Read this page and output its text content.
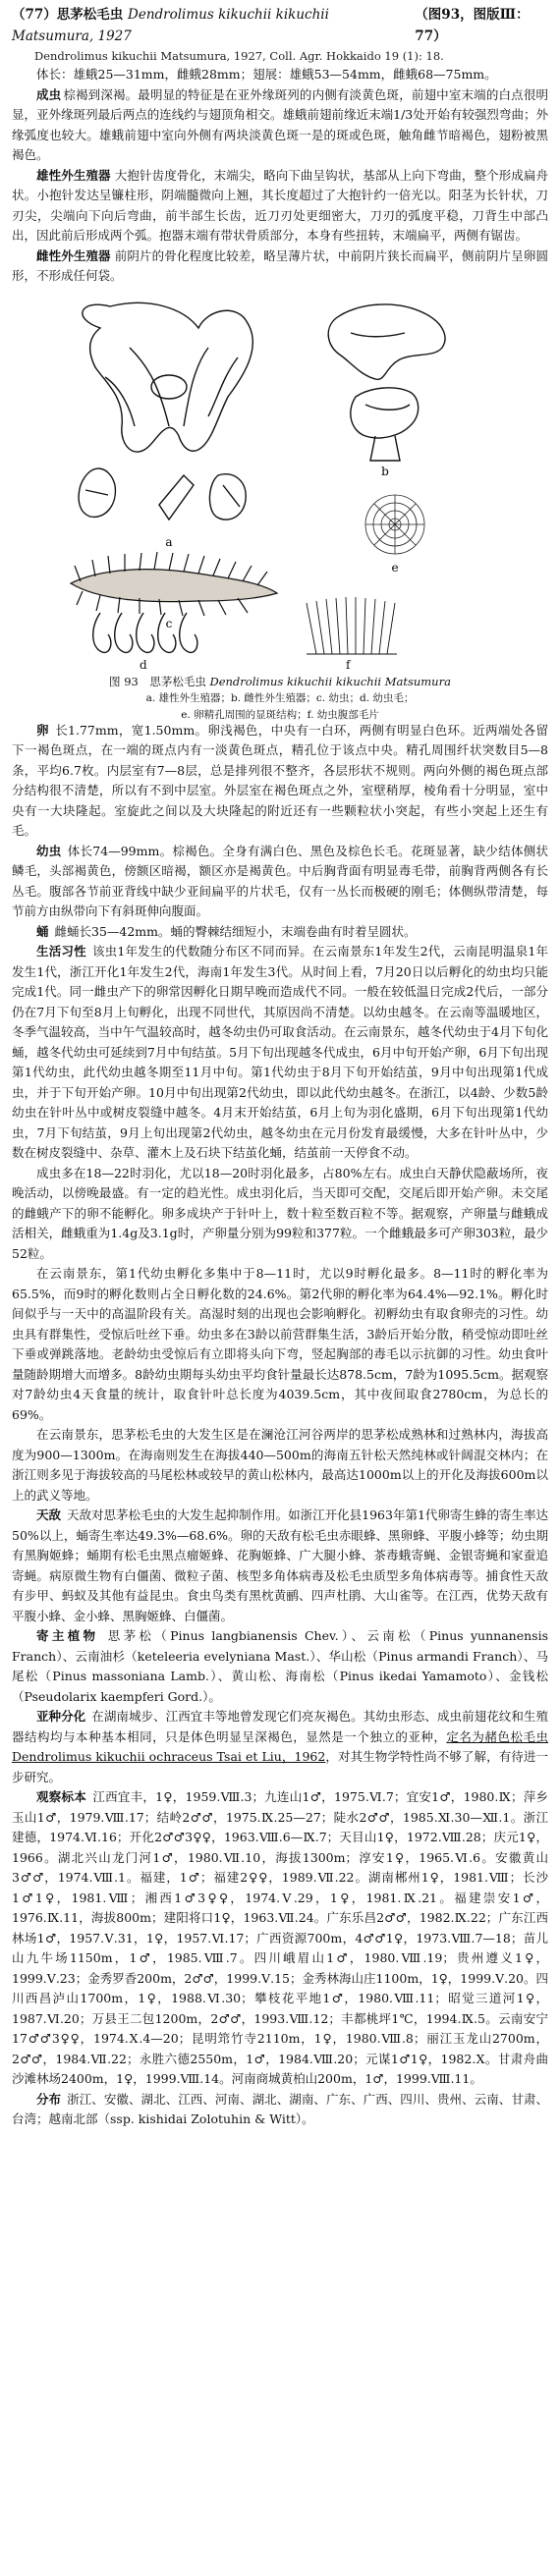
（77）思茅松毛虫 Dendrolimus kikuchii kikuchii Matsumura, 1927
（图93，图版Ⅲ：77）

Dendrolimus kikuchii Matsumura, 1927, Coll. Agr. Hokkaido 19 (1): 18.

体长：雄蛾25—31mm，雌蛾28mm；翅展：雄蛾53—54mm，雌蛾68—75mm。

成虫 棕褐到深褐。最明显的特征是在亚外缘斑列的内侧有淡黄色斑，前翅中室末端的白点很明显，亚外缘斑列最后两点的连线约与翅顶角相交。雄蛾前翅前缘近末端1/3处开始有较强烈弯曲；外缘弧度也较大。雄蛾前翅中室向外侧有两块淡黄色斑一是的斑或色斑，触角雌节暗褐色，翅粉被黑褐色。

雄性外生殖器 大抱针齿度骨化，末端尖，略向下曲呈钩状，基部从上向下弯曲，整个形成扁舟状。小抱针发达呈镰柱形，阴端髓微向上翘，其长度超过了大抱针约一倍光以。阳茎为长针状，刀刃尖，尖端向下向后弯曲，前半部生长齿，近刀刃处更细密大，刀刃的弧度平稳，刀背生中部凸出，因此前后形成两个弧。抱器末端有带状骨质部分，本身有些扭转，末端扁平，两侧有锯齿。

雌性外生殖器 前阴片的骨化程度比较差，略呈薄片状，中前阴片狭长而扁平，侧前阴片呈卵圆形，不形成任何袋。

a
b
e
c
d	f

图 93　思茅松毛虫 Dendrolimus kikuchii kikuchii Matsumura

a. 雄性外生殖器；b. 雌性外生殖器；c. 幼虫；d. 幼虫毛；

e. 卵精孔周围的显斑结构；f. 幼虫腹部毛片

卵 长1.77mm，宽1.50mm。卵浅褐色，中央有一白环，两侧有明显白色环。近两端处各留下一褐色斑点，在一端的斑点内有一淡黄色斑点，精孔位于该点中央。精孔周围纤状突数目5—8条，平均6.7枚。内层室有7—8层，总是排列很不整齐，各层形状不规则。两向外侧的褐色斑点部分结构很不清楚，所以有不到中层室。外层室在褐色斑点之外，室壁稍厚，棱角看十分明显，室中央有一大块隆起。室旋此之间以及大块隆起的附近还有一些颗粒状小突起，有些小突起上还生有毛。

幼虫 体长74—99mm。棕褐色。全身有满白色、黑色及棕色长毛。花斑显著，缺少结体侧状鳞毛，头部褐黄色，傍额区暗褐，额区亦是褐黄色。中后胸背面有明显毒毛带，前胸背两侧各有长丛毛。腹部各节前亚背线中缺少亚间扁平的片状毛，仅有一丛长而极硬的刚毛；体侧纵带清楚，每节前方由纵带向下有斜斑伸向腹面。

蛹 雌蛹长35—42mm。蛹的臀棘结细短小，末端卷曲有时着呈圆状。

生活习性 该虫1年发生的代数随分布区不同而异。在云南景东1年发生2代，云南昆明温泉1年发生1代，浙江开化1年发生2代，海南1年发生3代。从时间上看，7月20日以后孵化的幼虫均只能完成1代。同一雌虫产下的卵常因孵化日期早晚而造成代不同。一般在较低温日完成2代后，一部分仍在7月下旬至8月上旬孵化，出现不同世代，其原因尚不清楚。以幼虫越冬。在云南等温暖地区，冬季气温较高，当中午气温较高时，越冬幼虫仍可取食活动。在云南景东，越冬代幼虫于4月下旬化蛹，越冬代幼虫可延续到7月中旬结茧。5月下旬出现越冬代成虫，6月中旬开始产卵，6月下旬出现第1代幼虫，此代幼虫越冬期至11月中旬。第1代幼虫于8月下旬开始结茧，9月中旬出现第1代成虫，并于下旬开始产卵。10月中旬出现第2代幼虫，即以此代幼虫越冬。在浙江，以4龄、少数5龄幼虫在针叶丛中或树皮裂缝中越冬。4月末开始结茧，6月上旬为羽化盛期，6月下旬出现第1代幼虫，7月下旬结茧，9月上旬出现第2代幼虫，越冬幼虫在元月份发育最缓慢，大多在针叶丛中，少数在树皮裂缝中、杂草、灌木上及石块下结茧化蛹，结茧前一天停食不动。

成虫多在18—22时羽化，尤以18—20时羽化最多，占80%左右。成虫白天静伏隐蔽场所，夜晚活动，以傍晚最盛。有一定的趋光性。成虫羽化后，当天即可交配，交尾后即开始产卵。未交尾的雌蛾产下的卵不能孵化。卵多成块产于针叶上，数十粒至数百粒不等。据观察，产卵量与雌蛾成活相关，雌蛾重为1.4g及3.1g时，产卵量分别为99粒和377粒。一个雌蛾最多可产卵303粒，最少52粒。

在云南景东，第1代幼虫孵化多集中于8—11时，尤以9时孵化最多。8—11时的孵化率为65.5%，而9时的孵化数则占全日孵化数的24.6%。第2代卵的孵化率为64.4%—92.1%。孵化时间似乎与一天中的高温阶段有关。高湿时刻的出现也会影响孵化。初孵幼虫有取食卵壳的习性。幼虫具有群集性，受惊后吐丝下垂。幼虫多在3龄以前营群集生活，3龄后开始分散，稍受惊动即吐丝下垂或弹跳落地。老龄幼虫受惊后有立即将头向下弯，竖起胸部的毒毛以示抗御的习性。幼虫食叶量随龄期增大而增多。8龄幼虫期每头幼虫平均食针量最长达878.5cm，7龄为1095.5cm。据观察对7龄幼虫4天食量的统计，取食针叶总长度为4039.5cm，其中夜间取食2780cm，为总长的69%。

在云南景东，思茅松毛虫的大发生区是在澜沧江河谷两岸的思茅松成熟林和过熟林内，海拔高度为900—1300m。在海南则发生在海拔440—500m的海南五针松天然纯林或针阔混交林内；在浙江则多见于海拔较高的马尾松林或较早的黄山松林内，最高达1000m以上的开化及海拔600m以上的武义等地。

天敌 天敌对思茅松毛虫的大发生起抑制作用。如浙江开化县1963年第1代卵寄生蜂的寄生率达50%以上，蛹寄生率达49.3%—68.6%。卵的天敌有松毛虫赤眼蜂、黑卵蜂、平腹小蜂等；幼虫期有黑胸姬蜂；蛹期有松毛虫黑点瘤姬蜂、花胸姬蜂、广大腿小蜂、茶毒蛾寄蝇、金银寄蝇和家蚕追寄蝇。病原微生物有白僵菌、微粒子菌、核型多角体病毒及松毛虫质型多角体病毒等。捕食性天敌有步甲、蚂蚁及其他有益昆虫。食虫鸟类有黑枕黄鹂、四声杜鹃、大山雀等。在江西，优势天敌有平腹小蜂、金小蜂、黑胸姬蜂、白僵菌。

寄主植物 思茅松（Pinus langbianensis Chev.）、云南松（Pinus yunnanensis Franch）、云南油杉（keteleeria evelyniana Mast.）、华山松（Pinus armandi Franch）、马尾松（Pinus massoniana Lamb.）、黄山松、海南松（Pinus ikedai Yamamoto）、金钱松（Pseudolarix kaempferi Gord.）。

亚种分化 在湖南城步、江西宜丰等地曾发现它们亮灰褐色。其幼虫形态、成虫前翅花纹和生殖器结构均与本种基本相同，只是体色明显呈深褐色，显然是一个独立的亚种，定名为赭色松毛虫 Dendrolimus kikuchii ochraceus Tsai et Liu，1962，对其生物学特性尚不够了解，有待进一步研究。

观察标本 江西宜丰，1♀，1959.Ⅷ.3；九连山1♂，1975.Ⅵ.7；宜安1♂，1980.Ⅸ；萍乡玉山1♂，1979.Ⅷ.17；结岭2♂♂，1975.Ⅸ.25—27；陡水2♂♂，1985.Ⅺ.30—Ⅻ.1。浙江建德，1974.Ⅵ.16；开化2♂♂3♀♀，1963.Ⅷ.6—Ⅸ.7；天目山1♀，1972.Ⅷ.28；庆元1♀，1966。湖北兴山龙门河1♂，1980.Ⅶ.10，海拔1300m；淳安1♀，1965.Ⅵ.6。安徽黄山3♂♂，1974.Ⅷ.1。福建，1♂；福建2♀♀，1989.Ⅶ.22。湖南郴州1♀，1981.Ⅷ；长沙1♂1♀，1981.Ⅷ；湘西1♂3♀♀，1974.Ⅴ.29，1♀，1981.Ⅸ.21。福建崇安1♂，1976.Ⅸ.11，海拔800m；建阳将口1♀，1963.Ⅶ.24。广东乐昌2♂♂，1982.Ⅸ.22；广东江西林场1♂，1957.Ⅴ.31，1♀，1957.Ⅵ.17；广西资源700m，4♂♂1♀，1973.Ⅷ.7—18；苗儿山九牛场1150m，1♂，1985.Ⅷ.7。四川峨眉山1♂，1980.Ⅷ.19；贵州遵义1♀，1999.Ⅴ.23；金秀罗香200m，2♂♂，1999.Ⅴ.15；金秀林海山庄1100m，1♀，1999.Ⅴ.20。四川西昌泸山1700m，1♀，1988.Ⅵ.30；攀枝花平地1♂，1980.Ⅷ.11；昭觉三道河1♀，1987.Ⅵ.20；万县王二包1200m，2♂♂，1993.Ⅷ.12；丰都桃坪1℃，1994.Ⅸ.5。云南安宁17♂♂3♀♀，1974.Ⅹ.4—20；昆明筇竹寺2110m，1♀，1980.Ⅷ.8；丽江玉龙山2700m，2♂♂，1984.Ⅶ.22；永胜六德2550m，1♂，1984.Ⅷ.20；元谋1♂1♀，1982.Ⅹ。甘肃舟曲沙滩林场2400m，1♀，1999.Ⅷ.14。河南商城黄柏山200m，1♂，1999.Ⅷ.11。

分布 浙江、安徽、湖北、江西、河南、湖北、湖南、广东、广西、四川、贵州、云南、甘肃、台湾；越南北部（ssp. kishidai Zolotuhin & Witt）。
